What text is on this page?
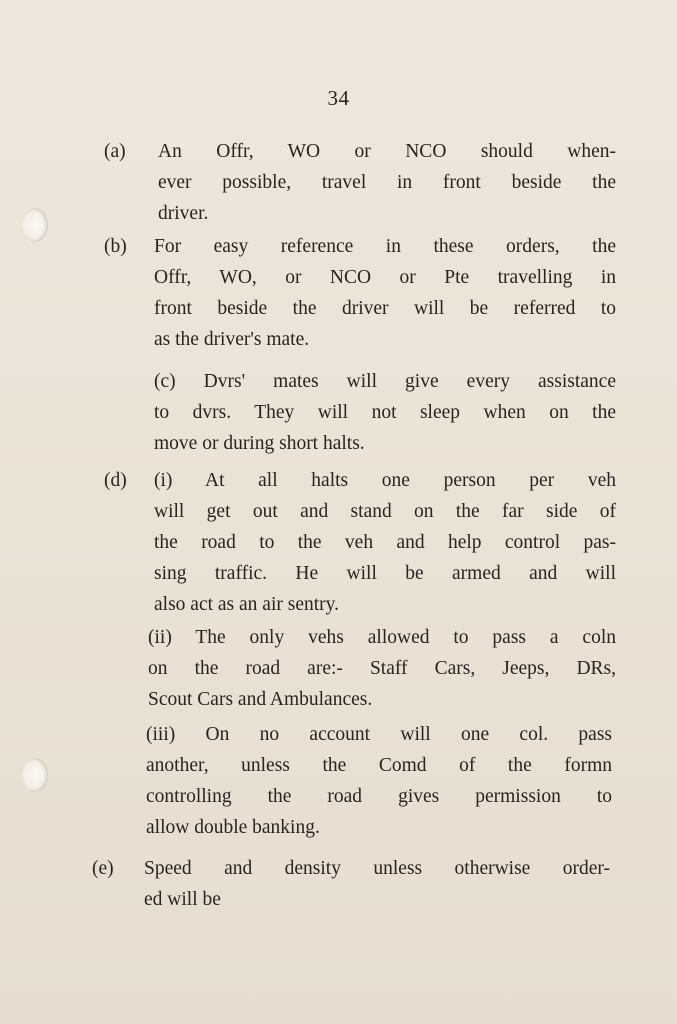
34
(a) An Offr, WO or NCO should when-
ever possible, travel in front beside the
driver.
(b) For easy reference in these orders, the
Offr, WO, or NCO or Pte travelling in
front beside the driver will be referred to
as the driver's mate.
(c) Dvrs' mates will give every assistance
to dvrs. They will not sleep when on the
move or during short halts.
(d) (i) At all halts one person per veh
will get out and stand on the far side of
the road to the veh and help control pas-
sing traffic. He will be armed and will
also act as an air sentry.
(ii) The only vehs allowed to pass a coln
on the road are:- Staff Cars, Jeeps, DRs,
Scout Cars and Ambulances.
(iii) On no account will one col. pass
another, unless the Comd of the formn
controlling the road gives permission to
allow double banking.
(e) Speed and density unless otherwise order-
ed will be
